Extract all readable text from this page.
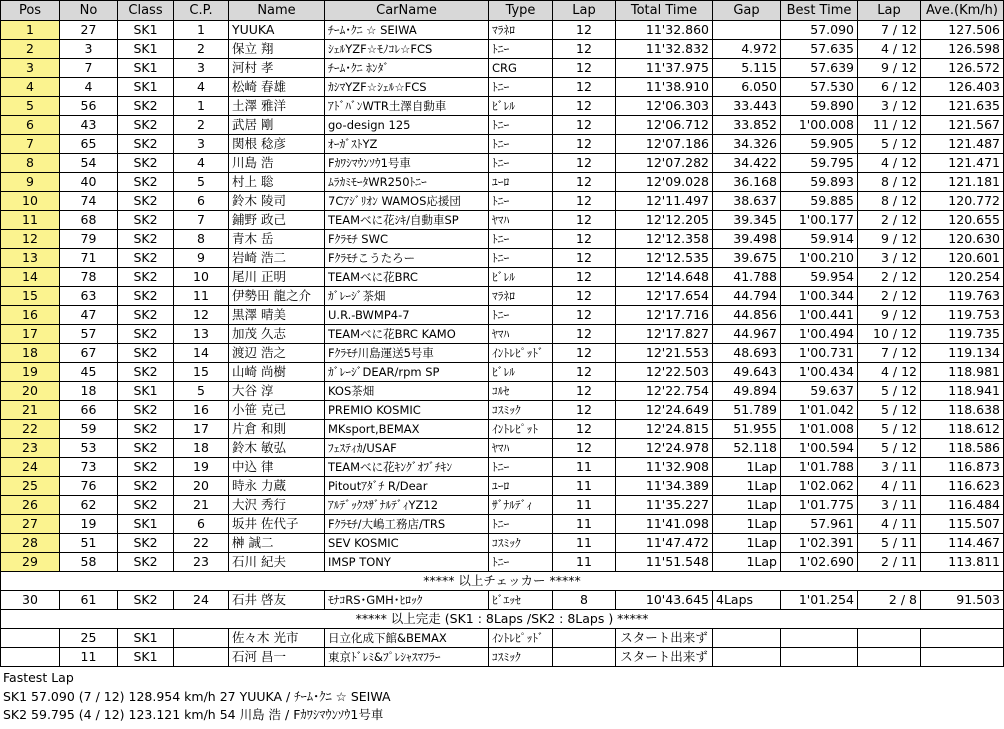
Pos	No	Class	C.P.	Name	CarName	Type	Lap	Total Time	Gap	Best Time	Lap	Ave.(Km/h)
1	27	SK1	1	YUUKA	ﾁｰﾑ･ｸﾆ ☆ SEIWA	ﾏﾗﾈﾛ	12	11'32.860		57.090	7 / 12	127.506
2	3	SK1	2	保立 翔	ｼｪﾙYZF☆ﾓﾉｺﾚ☆FCS	ﾄﾆｰ	12	11'32.832	4.972	57.635	4 / 12	126.598
3	7	SK1	3	河村 孝	ﾁｰﾑ･ｸﾆ ﾎﾝﾀﾞ	CRG	12	11'37.975	5.115	57.639	9 / 12	126.572
4	4	SK1	4	松崎 春雄	ｶｼﾏYZF☆ｼｪﾙ☆FCS	ﾄﾆｰ	12	11'38.910	6.050	57.530	6 / 12	126.403
5	56	SK2	1	土澤 雅洋	ｱﾄﾞﾊﾞﾝWTR土澤自動車	ﾋﾞﾚﾙ	12	12'06.303	33.443	59.890	3 / 12	121.635
6	43	SK2	2	武居 剛	go-design 125	ﾄﾆｰ	12	12'06.712	33.852	1'00.008	11 / 12	121.567
7	65	SK2	3	関根 稔彦	ｵｰｶﾞｽﾄYZ	ﾄﾆｰ	12	12'07.186	34.326	59.905	5 / 12	121.487
8	54	SK2	4	川島 浩	Fｶﾜｼﾏｳﾝｿｳ1号車	ﾄﾆｰ	12	12'07.282	34.422	59.795	4 / 12	121.471
9	40	SK2	5	村上 聡	ﾑﾗｶﾐﾓｰﾀWR250ﾄﾆｰ	ﾕｰﾛ	12	12'09.028	36.168	59.893	8 / 12	121.181
10	74	SK2	6	鈴木 陵司	7Cｱｼﾞﾘｵﾝ WAMOS応援団	ﾄﾆｰ	12	12'11.497	38.637	59.885	8 / 12	120.772
11	68	SK2	7	鋪野 政己	TEAMべに花ｼｷ/自動車SP	ﾔﾏﾊ	12	12'12.205	39.345	1'00.177	2 / 12	120.655
12	79	SK2	8	青木 岳	Fｸﾗﾓﾁ SWC	ﾄﾆｰ	12	12'12.358	39.498	59.914	9 / 12	120.630
13	71	SK2	9	岩崎 浩二	Fｸﾗﾓﾁこうたろー	ﾄﾆｰ	12	12'12.535	39.675	1'00.210	3 / 12	120.601
14	78	SK2	10	尾川 正明	TEAMべに花BRC	ﾋﾞﾚﾙ	12	12'14.648	41.788	59.954	2 / 12	120.254
15	63	SK2	11	伊勢田 龍之介	ｶﾞﾚｰｼﾞ茶畑	ﾏﾗﾈﾛ	12	12'17.654	44.794	1'00.344	2 / 12	119.763
16	47	SK2	12	黒澤 晴美	U.R.-BWMP4-7	ﾄﾆｰ	12	12'17.716	44.856	1'00.441	9 / 12	119.753
17	57	SK2	13	加茂 久志	TEAMべに花BRC KAMO	ﾔﾏﾊ	12	12'17.827	44.967	1'00.494	10 / 12	119.735
18	67	SK2	14	渡辺 浩之	Fｸﾗﾓﾁ川島運送5号車	ｲﾝﾄﾚﾋﾟｯﾄﾞ	12	12'21.553	48.693	1'00.731	7 / 12	119.134
19	45	SK2	15	山崎 尚樹	ｶﾞﾚｰｼﾞDEAR/rpm SP	ﾋﾞﾚﾙ	12	12'22.503	49.643	1'00.434	4 / 12	118.981
20	18	SK1	5	大谷 淳	KOS茶畑	ｺﾙｾ	12	12'22.754	49.894	59.637	5 / 12	118.941
21	66	SK2	16	小笹 克己	PREMIO KOSMIC	ｺｽﾐｯｸ	12	12'24.649	51.789	1'01.042	5 / 12	118.638
22	59	SK2	17	片倉 和則	MKsport,BEMAX	ｲﾝﾄﾚﾋﾟｯﾄ	12	12'24.815	51.955	1'01.008	5 / 12	118.612
23	53	SK2	18	鈴木 敏弘	ﾌｪｽﾃｨｶ/USAF	ﾔﾏﾊ	12	12'24.978	52.118	1'00.594	5 / 12	118.586
24	73	SK2	19	中込 律	TEAMべに花ｷﾝｸﾞｵﾌﾞﾁｷﾝ	ﾄﾆｰ	11	11'32.908	1Lap	1'01.788	3 / 11	116.873
25	76	SK2	20	時永 力蔵	Pitoutｱﾀﾞﾁ R/Dear	ﾕｰﾛ	11	11'34.389	1Lap	1'02.062	4 / 11	116.623
26	62	SK2	21	大沢 秀行	ｱﾙﾃﾞｯｸｽｻﾞﾅﾙﾃﾞｨYZ12	ｻﾞﾅﾙﾃﾞｨ	11	11'35.227	1Lap	1'01.775	3 / 11	116.484
27	19	SK1	6	坂井 佐代子	Fｸﾗﾓﾁ/大嶋工務店/TRS	ﾄﾆｰ	11	11'41.098	1Lap	57.961	4 / 11	115.507
28	51	SK2	22	榊 誠二	SEV KOSMIC	ｺｽﾐｯｸ	11	11'47.472	1Lap	1'02.391	5 / 11	114.467
29	58	SK2	23	石川 紀夫	IMSP TONY	ﾄﾆｰ	11	11'51.548	1Lap	1'02.690	2 / 11	113.811
***** 以上チェッカー *****												
30	61	SK2	24	石井 啓友	ﾓﾅｺRS･GMH･ﾋﾛｯｸ	ﾋﾞｴｯｾ	8	10'43.645	4Laps	1'01.254	2 / 8	91.503
***** 以上完走 (SK1 : 8Laps /SK2 : 8Laps ) *****												
	25	SK1		佐々木 光市	日立化成下館&BEMAX	ｲﾝﾄﾚﾋﾟｯﾄﾞ		スタート出来ず				
	11	SK1		石河 昌一	東京ﾄﾞﾚﾐ&ﾌﾟﾚｼｬｽﾏﾌﾗｰ	ｺｽﾐｯｸ		スタート出来ず				
Fastest Lap
SK1 57.090 (7 / 12) 128.954 km/h 27 YUUKA / ﾁｰﾑ･ｸﾆ ☆ SEIWA
SK2 59.795 (4 / 12) 123.121 km/h 54 川島 浩 / Fｶﾜｼﾏｳﾝｿｳ1号車
